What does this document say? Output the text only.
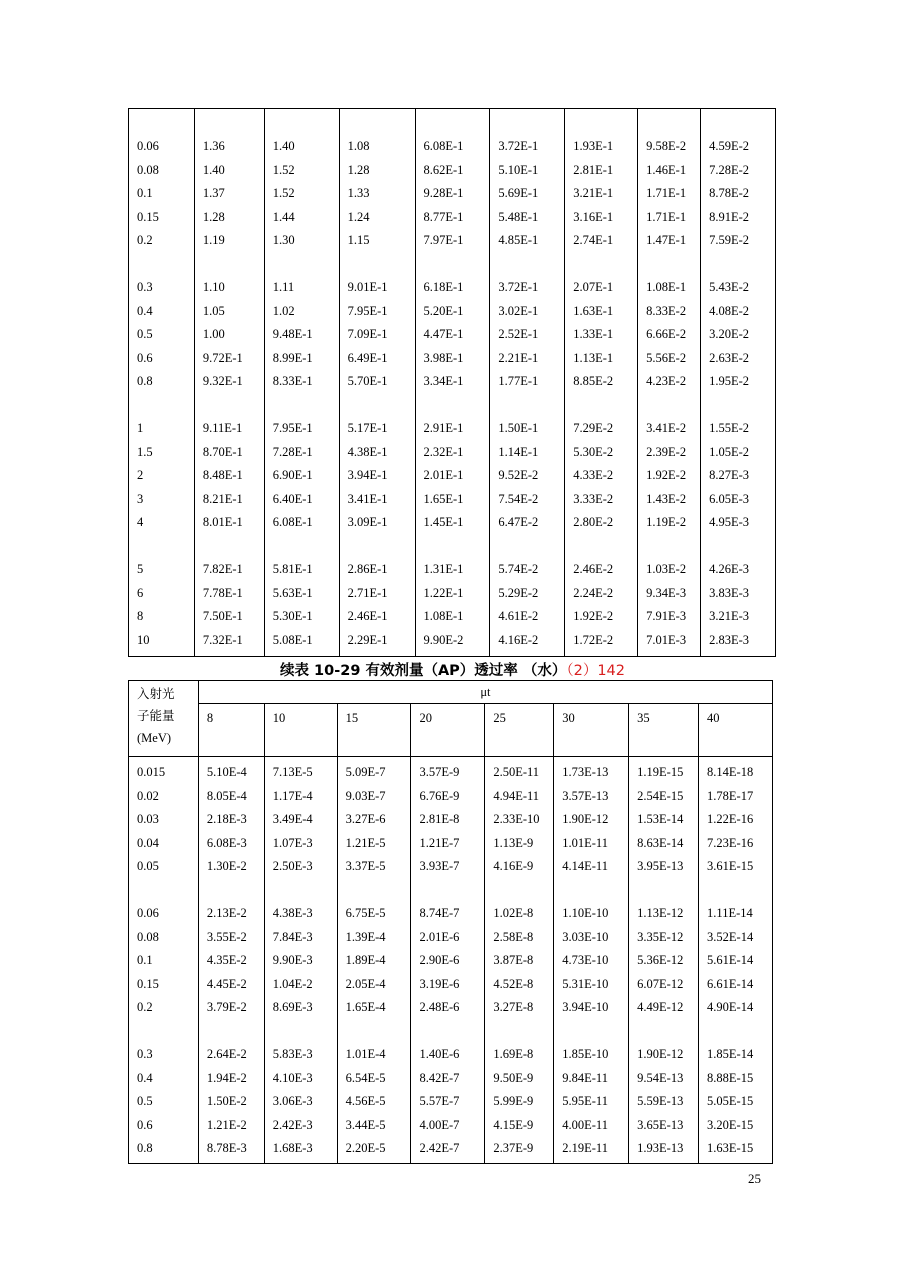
0.06	1.36	1.40	1.08	6.08E-1	3.72E-1	1.93E-1	9.58E-2	4.59E-2
0.08	1.40	1.52	1.28	8.62E-1	5.10E-1	2.81E-1	1.46E-1	7.28E-2
0.1	1.37	1.52	1.33	9.28E-1	5.69E-1	3.21E-1	1.71E-1	8.78E-2
0.15	1.28	1.44	1.24	8.77E-1	5.48E-1	3.16E-1	1.71E-1	8.91E-2
0.2	1.19	1.30	1.15	7.97E-1	4.85E-1	2.74E-1	1.47E-1	7.59E-2
0.3	1.10	1.11	9.01E-1	6.18E-1	3.72E-1	2.07E-1	1.08E-1	5.43E-2
0.4	1.05	1.02	7.95E-1	5.20E-1	3.02E-1	1.63E-1	8.33E-2	4.08E-2
0.5	1.00	9.48E-1	7.09E-1	4.47E-1	2.52E-1	1.33E-1	6.66E-2	3.20E-2
0.6	9.72E-1	8.99E-1	6.49E-1	3.98E-1	2.21E-1	1.13E-1	5.56E-2	2.63E-2
0.8	9.32E-1	8.33E-1	5.70E-1	3.34E-1	1.77E-1	8.85E-2	4.23E-2	1.95E-2
1	9.11E-1	7.95E-1	5.17E-1	2.91E-1	1.50E-1	7.29E-2	3.41E-2	1.55E-2
1.5	8.70E-1	7.28E-1	4.38E-1	2.32E-1	1.14E-1	5.30E-2	2.39E-2	1.05E-2
2	8.48E-1	6.90E-1	3.94E-1	2.01E-1	9.52E-2	4.33E-2	1.92E-2	8.27E-3
3	8.21E-1	6.40E-1	3.41E-1	1.65E-1	7.54E-2	3.33E-2	1.43E-2	6.05E-3
4	8.01E-1	6.08E-1	3.09E-1	1.45E-1	6.47E-2	2.80E-2	1.19E-2	4.95E-3
5	7.82E-1	5.81E-1	2.86E-1	1.31E-1	5.74E-2	2.46E-2	1.03E-2	4.26E-3
6	7.78E-1	5.63E-1	2.71E-1	1.22E-1	5.29E-2	2.24E-2	9.34E-3	3.83E-3
8	7.50E-1	5.30E-1	2.46E-1	1.08E-1	4.61E-2	1.92E-2	7.91E-3	3.21E-3
10	7.32E-1	5.08E-1	2.29E-1	9.90E-2	4.16E-2	1.72E-2	7.01E-3	2.83E-3
续表 10-29 有效剂量（AP）透过率 （水）（2）142
入射光
子能量
(MeV)	μt							
	8	10	15	20	25	30	35	40
0.015	5.10E-4	7.13E-5	5.09E-7	3.57E-9	2.50E-11	1.73E-13	1.19E-15	8.14E-18
0.02	8.05E-4	1.17E-4	9.03E-7	6.76E-9	4.94E-11	3.57E-13	2.54E-15	1.78E-17
0.03	2.18E-3	3.49E-4	3.27E-6	2.81E-8	2.33E-10	1.90E-12	1.53E-14	1.22E-16
0.04	6.08E-3	1.07E-3	1.21E-5	1.21E-7	1.13E-9	1.01E-11	8.63E-14	7.23E-16
0.05	1.30E-2	2.50E-3	3.37E-5	3.93E-7	4.16E-9	4.14E-11	3.95E-13	3.61E-15
0.06	2.13E-2	4.38E-3	6.75E-5	8.74E-7	1.02E-8	1.10E-10	1.13E-12	1.11E-14
0.08	3.55E-2	7.84E-3	1.39E-4	2.01E-6	2.58E-8	3.03E-10	3.35E-12	3.52E-14
0.1	4.35E-2	9.90E-3	1.89E-4	2.90E-6	3.87E-8	4.73E-10	5.36E-12	5.61E-14
0.15	4.45E-2	1.04E-2	2.05E-4	3.19E-6	4.52E-8	5.31E-10	6.07E-12	6.61E-14
0.2	3.79E-2	8.69E-3	1.65E-4	2.48E-6	3.27E-8	3.94E-10	4.49E-12	4.90E-14
0.3	2.64E-2	5.83E-3	1.01E-4	1.40E-6	1.69E-8	1.85E-10	1.90E-12	1.85E-14
0.4	1.94E-2	4.10E-3	6.54E-5	8.42E-7	9.50E-9	9.84E-11	9.54E-13	8.88E-15
0.5	1.50E-2	3.06E-3	4.56E-5	5.57E-7	5.99E-9	5.95E-11	5.59E-13	5.05E-15
0.6	1.21E-2	2.42E-3	3.44E-5	4.00E-7	4.15E-9	4.00E-11	3.65E-13	3.20E-15
0.8	8.78E-3	1.68E-3	2.20E-5	2.42E-7	2.37E-9	2.19E-11	1.93E-13	1.63E-15
25
